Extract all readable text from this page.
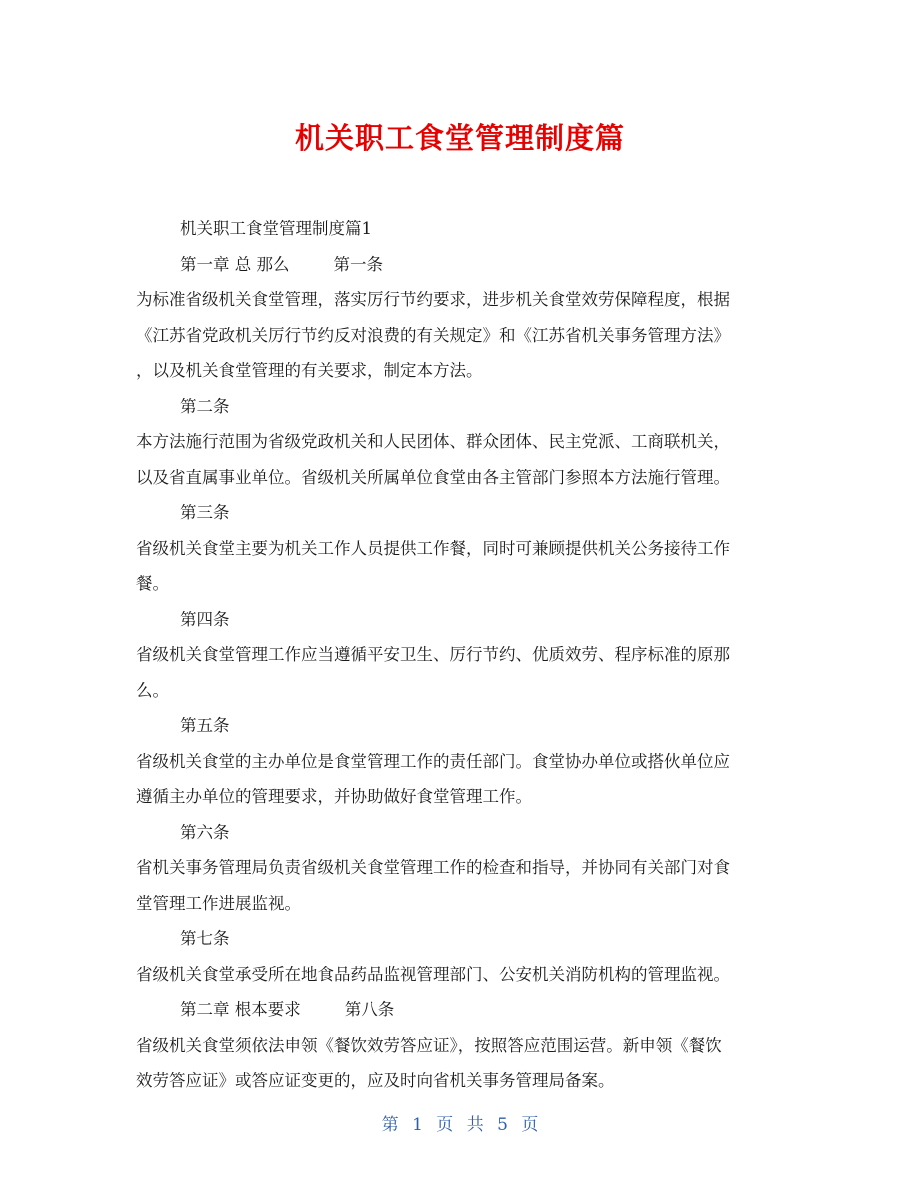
机关职工食堂管理制度篇
机关职工食堂管理制度篇1
第一章 总 那么	第一条
为标准省级机关食堂管理，落实厉行节约要求，进步机关食堂效劳保障程度，根据
《江苏省党政机关厉行节约反对浪费的有关规定》和《江苏省机关事务管理方法》
，以及机关食堂管理的有关要求，制定本方法。
第二条
本方法施行范围为省级党政机关和人民团体、群众团体、民主党派、工商联机关，
以及省直属事业单位。省级机关所属单位食堂由各主管部门参照本方法施行管理。
第三条
省级机关食堂主要为机关工作人员提供工作餐，同时可兼顾提供机关公务接待工作
餐。
第四条
省级机关食堂管理工作应当遵循平安卫生、厉行节约、优质效劳、程序标准的原那
么。
第五条
省级机关食堂的主办单位是食堂管理工作的责任部门。食堂协办单位或搭伙单位应
遵循主办单位的管理要求，并协助做好食堂管理工作。
第六条
省机关事务管理局负责省级机关食堂管理工作的检查和指导，并协同有关部门对食
堂管理工作进展监视。
第七条
省级机关食堂承受所在地食品药品监视管理部门、公安机关消防机构的管理监视。
第二章 根本要求	第八条
省级机关食堂须依法申领《餐饮效劳答应证》，按照答应范围运营。新申领《餐饮
效劳答应证》或答应证变更的，应及时向省机关事务管理局备案。
第 1 页 共 5 页
